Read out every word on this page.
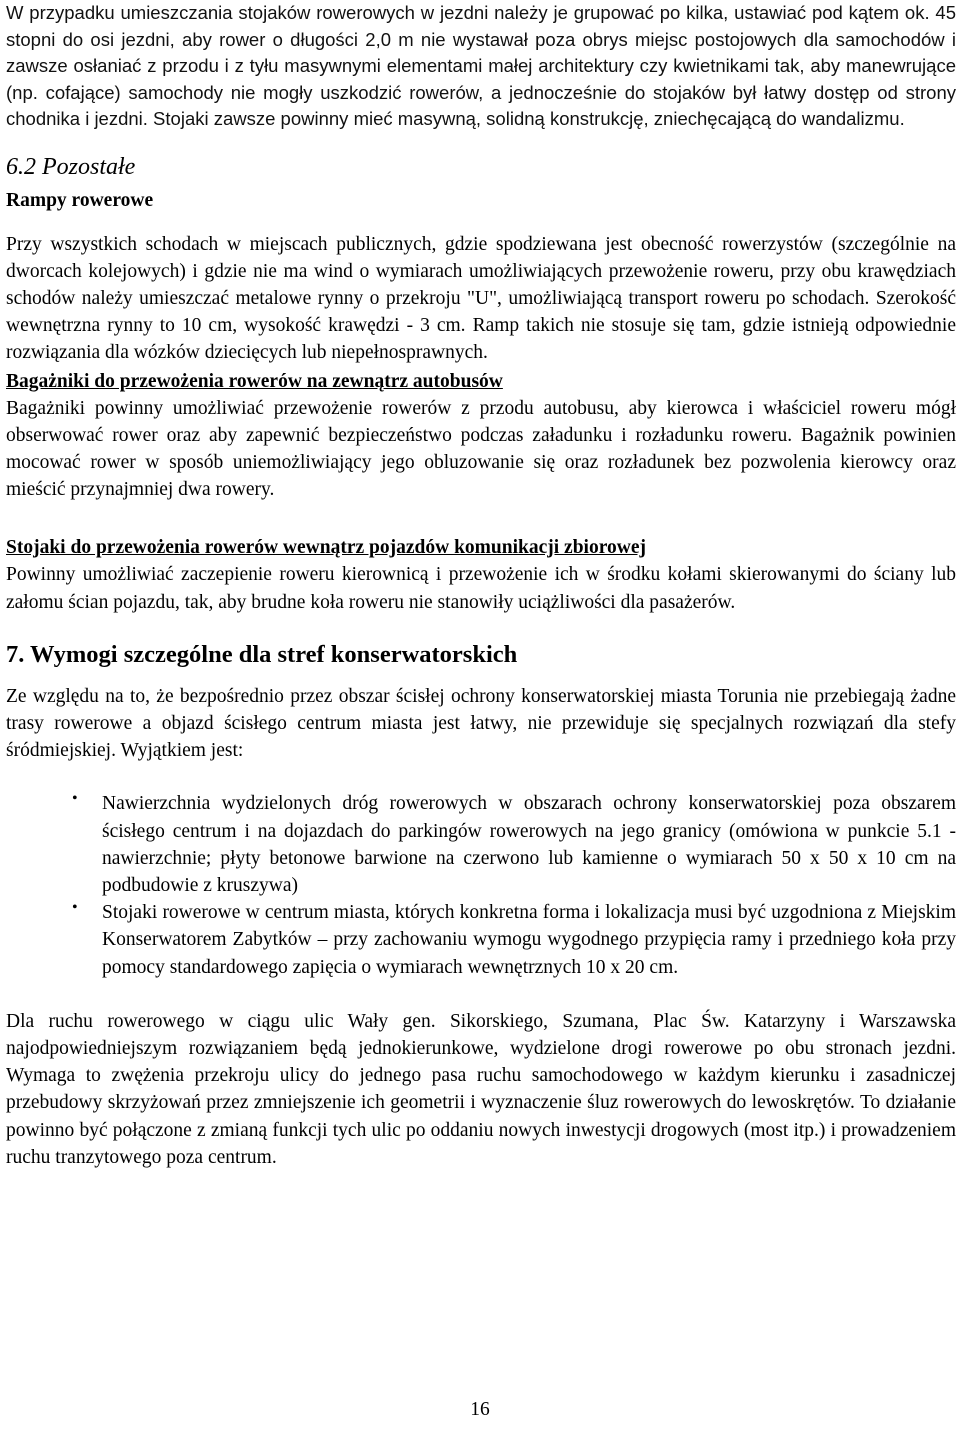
W przypadku umieszczania stojaków rowerowych w jezdni należy je grupować po kilka, ustawiać pod kątem ok. 45 stopni do osi jezdni, aby rower o długości 2,0 m nie wystawał poza obrys miejsc postojowych dla samochodów i zawsze osłaniać z przodu i z tyłu masywnymi elementami małej architektury czy kwietnikami tak, aby manewrujące (np. cofające) samochody nie mogły uszkodzić rowerów, a jednocześnie do stojaków był łatwy dostęp od strony chodnika i jezdni. Stojaki zawsze powinny mieć masywną, solidną konstrukcję, zniechęcającą do wandalizmu.

6.2 Pozostałe

Rampy rowerowe

Przy wszystkich schodach w miejscach publicznych, gdzie spodziewana jest obecność rowerzystów (szczególnie na dworcach kolejowych) i gdzie nie ma wind o wymiarach umożliwiających przewożenie roweru, przy obu krawędziach schodów należy umieszczać metalowe rynny o przekroju "U", umożliwiającą transport roweru po schodach. Szerokość wewnętrzna rynny to 10 cm, wysokość krawędzi - 3 cm. Ramp takich nie stosuje się tam, gdzie istnieją odpowiednie rozwiązania dla wózków dziecięcych lub niepełnosprawnych.

Bagażniki do przewożenia rowerów na zewnątrz autobusów

Bagażniki powinny umożliwiać przewożenie rowerów z przodu autobusu, aby kierowca i właściciel roweru mógł obserwować rower oraz aby zapewnić bezpieczeństwo podczas załadunku i rozładunku roweru. Bagażnik powinien mocować rower w sposób uniemożliwiający jego obluzowanie się oraz rozładunek bez pozwolenia kierowcy oraz mieścić przynajmniej dwa rowery.

Stojaki do przewożenia rowerów wewnątrz pojazdów komunikacji zbiorowej

Powinny umożliwiać zaczepienie roweru kierownicą i przewożenie ich w środku kołami skierowanymi do ściany lub załomu ścian pojazdu, tak, aby brudne koła roweru nie stanowiły uciążliwości dla pasażerów.

7. Wymogi szczególne dla stref konserwatorskich

Ze względu na to, że bezpośrednio przez obszar ścisłej ochrony konserwatorskiej miasta Torunia nie przebiegają żadne trasy rowerowe a objazd ścisłego centrum miasta jest łatwy, nie przewiduje się specjalnych rozwiązań dla stefy śródmiejskiej. Wyjątkiem jest:

• Nawierzchnia wydzielonych dróg rowerowych w obszarach ochrony konserwatorskiej poza obszarem ścisłego centrum i na dojazdach do parkingów rowerowych na jego granicy (omówiona w punkcie 5.1 - nawierzchnie; płyty betonowe barwione na czerwono lub kamienne o wymiarach 50 x 50 x 10 cm na podbudowie z kruszywa)

• Stojaki rowerowe w centrum miasta, których konkretna forma i lokalizacja musi być uzgodniona z Miejskim Konserwatorem Zabytków – przy zachowaniu wymogu wygodnego przypięcia ramy i przedniego koła przy pomocy standardowego zapięcia o wymiarach wewnętrznych 10 x 20 cm.

Dla ruchu rowerowego w ciągu ulic Wały gen. Sikorskiego, Szumana, Plac Św. Katarzyny i Warszawska najodpowiedniejszym rozwiązaniem będą jednokierunkowe, wydzielone drogi rowerowe po obu stronach jezdni. Wymaga to zwężenia przekroju ulicy do jednego pasa ruchu samochodowego w każdym kierunku i zasadniczej przebudowy skrzyżowań przez zmniejszenie ich geometrii i wyznaczenie śluz rowerowych do lewoskrętów. To działanie powinno być połączone z zmianą funkcji tych ulic po oddaniu nowych inwestycji drogowych (most itp.) i prowadzeniem ruchu tranzytowego poza centrum.

16
